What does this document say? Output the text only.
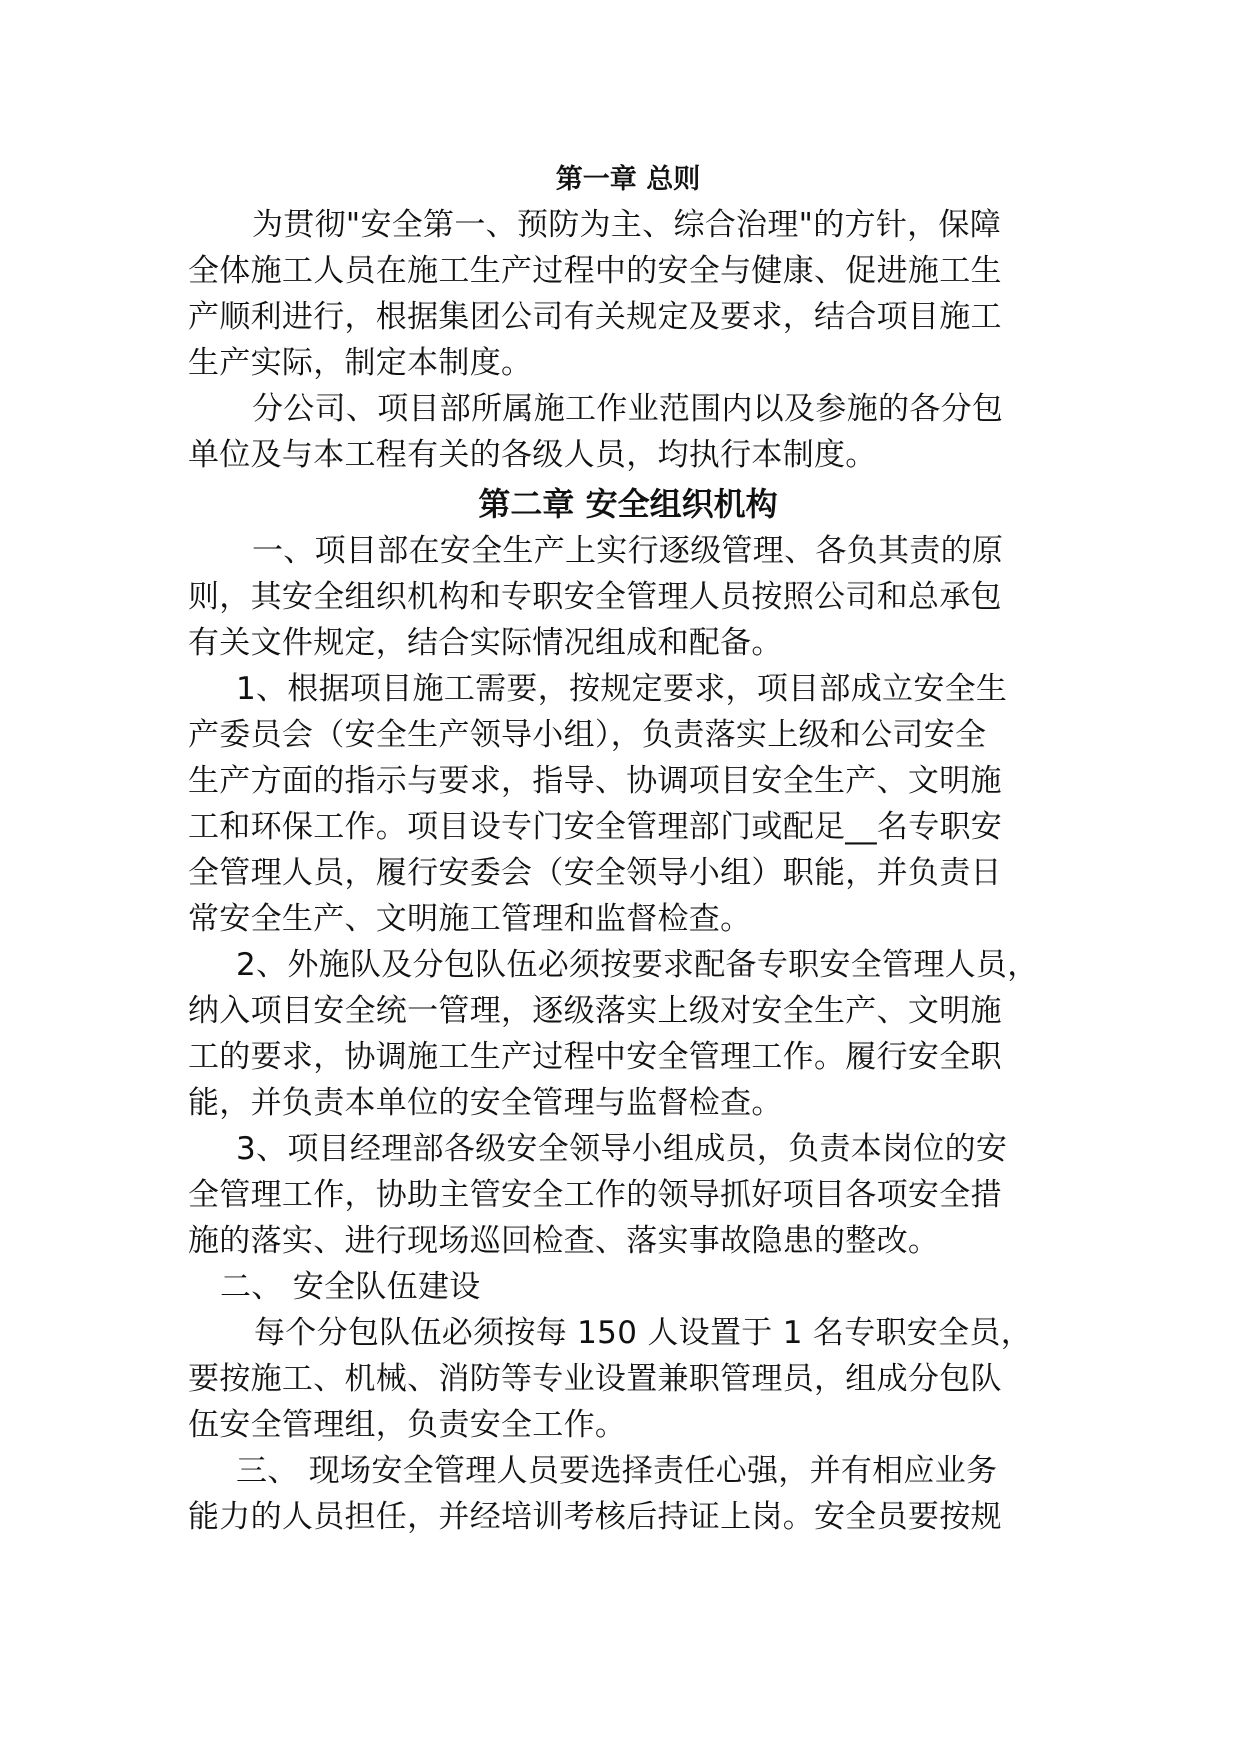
第一章 总则
为贯彻"安全第一、预防为主、综合治理"的方针，保障
全体施工人员在施工生产过程中的安全与健康、促进施工生
产顺利进行，根据集团公司有关规定及要求，结合项目施工
生产实际，制定本制度。
分公司、项目部所属施工作业范围内以及参施的各分包
单位及与本工程有关的各级人员，均执行本制度。
第二章 安全组织机构
一、项目部在安全生产上实行逐级管理、各负其责的原
则，其安全组织机构和专职安全管理人员按照公司和总承包
有关文件规定，结合实际情况组成和配备。
1、根据项目施工需要，按规定要求，项目部成立安全生
产委员会（安全生产领导小组），负责落实上级和公司安全
生产方面的指示与要求，指导、协调项目安全生产、文明施
工和环保工作。项目设专门安全管理部门或配足__名专职安
全管理人员，履行安委会（安全领导小组）职能，并负责日
常安全生产、文明施工管理和监督检查。
2、外施队及分包队伍必须按要求配备专职安全管理人员，
纳入项目安全统一管理，逐级落实上级对安全生产、文明施
工的要求，协调施工生产过程中安全管理工作。履行安全职
能，并负责本单位的安全管理与监督检查。
3、项目经理部各级安全领导小组成员，负责本岗位的安
全管理工作，协助主管安全工作的领导抓好项目各项安全措
施的落实、进行现场巡回检查、落实事故隐患的整改。
二、 安全队伍建设
每个分包队伍必须按每 150 人设置于 1 名专职安全员，
要按施工、机械、消防等专业设置兼职管理员，组成分包队
伍安全管理组，负责安全工作。
三、 现场安全管理人员要选择责任心强，并有相应业务
能力的人员担任，并经培训考核后持证上岗。安全员要按规
